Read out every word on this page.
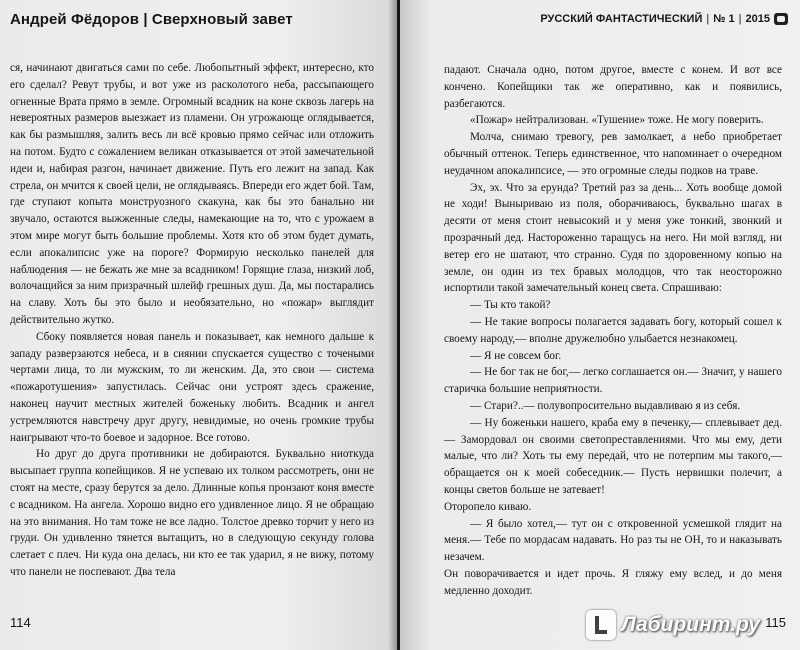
Андрей Фёдоров | Сверхновый завет

ся, начинают двигаться сами по себе. Любопытный эффект, интересно, кто его сделал? Ревут трубы, и вот уже из расколотого неба, рассыпающего огненные Врата прямо в земле. Огромный всадник на коне сквозь лагерь на невероятных размеров выезжает из пламени. Он угрожающе оглядывается, как бы размышляя, залить весь ли всё кровью прямо сейчас или отложить на потом. Будто с сожалением великан отказывается от этой замечательной идеи и, набирая разгон, начинает движение. Путь его лежит на запад. Как стрела, он мчится к своей цели, не оглядываясь. Впереди его ждет бой. Там, где ступают копыта монструозного скакуна, как бы это банально ни звучало, остаются выжженные следы, намекающие на то, что с урожаем в этом мире могут быть большие проблемы. Хотя кто об этом будет думать, если апокалипсис уже на пороге? Формирую несколько панелей для наблюдения — не бежать же мне за всадником! Горящие глаза, низкий лоб, волочащийся за ним призрачный шлейф грешных душ. Да, мы постарались на славу. Хоть бы это было и необязательно, но «пожар» выглядит действительно жутко.

Сбоку появляется новая панель и показывает, как немного дальше к западу разверзаются небеса, и в сиянии спускается существо с точеными чертами лица, то ли мужским, то ли женским. Да, это свои — система «пожаротушения» запустилась. Сейчас они устроят здесь сражение, наконец научит местных жителей боженьку любить. Всадник и ангел устремляются навстречу друг другу, невидимые, но очень громкие трубы наигрывают что-то боевое и задорное. Все готово.

Но друг до друга противники не добираются. Буквально ниоткуда высыпает группа копейщиков. Я не успеваю их толком рассмотреть, они не стоят на месте, сразу берутся за дело. Длинные копья пронзают коня вместе с всадником. На ангела. Хорошо видно его удивленное лицо. Я не обращаю на это внимания. Но там тоже не все ладно. Толстое древко торчит у него из груди. Он удивленно тянется вытащить, но в следующую секунду голова слетает с плеч. Ни куда она делась, ни кто ее так ударил, я не вижу, потому что панели не поспевают. Два тела

114
РУССКИЙ ФАНТАСТИЧЕСКИЙ | № 1 | 2015

падают. Сначала одно, потом другое, вместе с конем. И вот все кончено. Копейщики так же оперативно, как и появились, разбегаются.

«Пожар» нейтрализован. «Тушение» тоже. Не могу поверить.

Молча, снимаю тревогу, рев замолкает, а небо приобретает обычный оттенок. Теперь единственное, что напоминает о очередном неудачном апокалипсисе, — это огромные следы подков на траве.

Эх, эх. Что за ерунда? Третий раз за день... Хоть вообще домой не ходи! Выныриваю из поля, оборачиваюсь, буквально шагах в десяти от меня стоит невысокий и у меня уже тонкий, звонкий и прозрачный дед. Настороженно таращусь на него. Ни мой взгляд, ни ветер его не шатают, что странно. Судя по здоровенному копью на земле, он один из тех бравых молодцов, что так неосторожно испортили такой замечательный конец света. Спрашиваю:

— Ты кто такой?

— Не такие вопросы полагается задавать богу, который сошел к своему народу,— вполне дружелюбно улыбается незнакомец.

— Я не совсем бог.

— Не бог так не бог,— легко соглашается он.— Значит, у нашего старичка большие неприятности.

— Стари?..— полувопросительно выдавливаю я из себя.

— Ну боженьки нашего, краба ему в печенку,— сплевывает дед.— Замордовал он своими светопреставлениями. Что мы ему, дети малые, что ли? Хоть ты ему передай, что не потерпим мы такого,— обращается он к моей собеседник.— Пусть нервишки полечит, а концы светов больше не затевает!

Оторопело киваю.

— Я было хотел,— тут он с откровенной усмешкой глядит на меня.— Тебе по мордасам надавать. Но раз ты не ОН, то и наказывать незачем.

Он поворачивается и идет прочь. Я гляжу ему вслед, и до меня медленно доходит.

115
Лабиринт.ру
